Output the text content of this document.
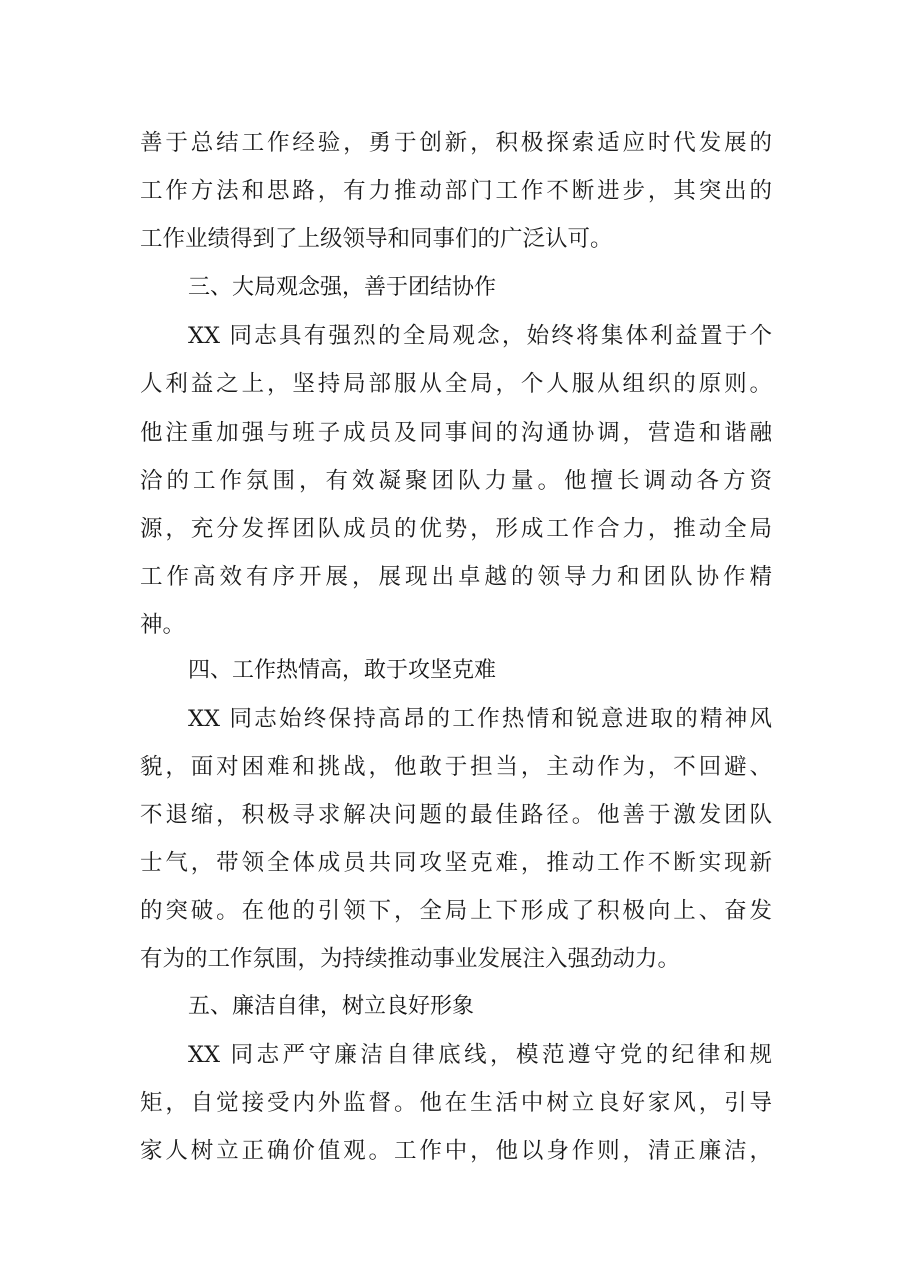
善于总结工作经验，勇于创新，积极探索适应时代发展的
工作方法和思路，有力推动部门工作不断进步，其突出的
工作业绩得到了上级领导和同事们的广泛认可。
三、大局观念强，善于团结协作
XX 同志具有强烈的全局观念，始终将集体利益置于个
人利益之上，坚持局部服从全局，个人服从组织的原则。
他注重加强与班子成员及同事间的沟通协调，营造和谐融
洽的工作氛围，有效凝聚团队力量。他擅长调动各方资
源，充分发挥团队成员的优势，形成工作合力，推动全局
工作高效有序开展，展现出卓越的领导力和团队协作精
神。
四、工作热情高，敢于攻坚克难
XX 同志始终保持高昂的工作热情和锐意进取的精神风
貌，面对困难和挑战，他敢于担当，主动作为，不回避、
不退缩，积极寻求解决问题的最佳路径。他善于激发团队
士气，带领全体成员共同攻坚克难，推动工作不断实现新
的突破。在他的引领下，全局上下形成了积极向上、奋发
有为的工作氛围，为持续推动事业发展注入强劲动力。
五、廉洁自律，树立良好形象
XX 同志严守廉洁自律底线，模范遵守党的纪律和规
矩，自觉接受内外监督。他在生活中树立良好家风，引导
家人树立正确价值观。工作中，他以身作则，清正廉洁，
